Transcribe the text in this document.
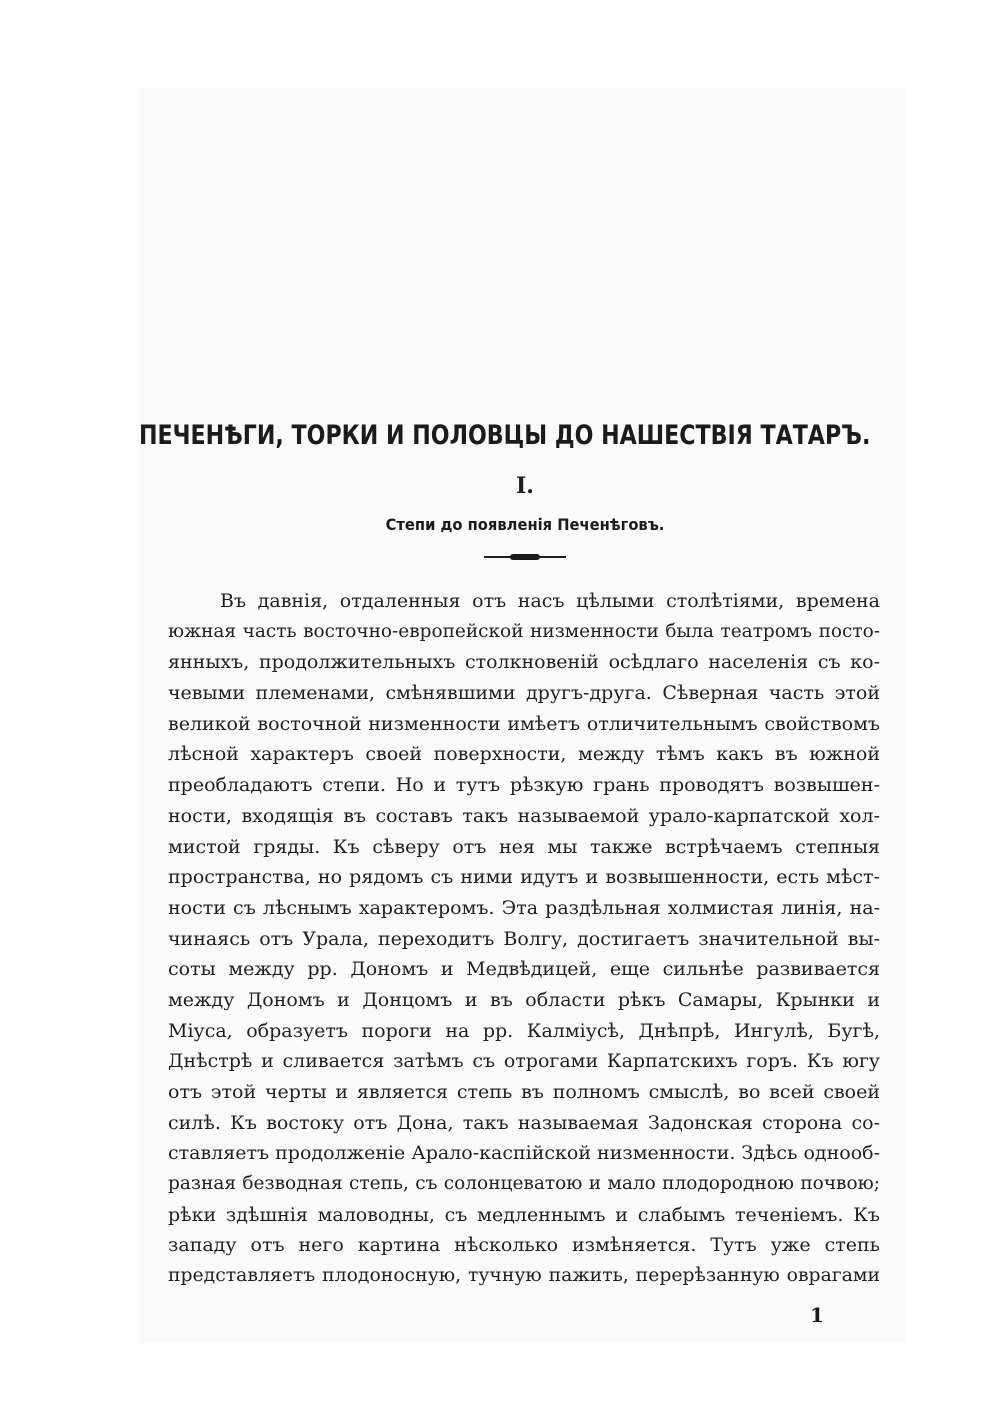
ПЕЧЕНѢГИ, ТОРКИ И ПОЛОВЦЫ ДО НАШЕСТВІЯ ТАТАРЪ.
I.
Степи до появленія Печенѣговъ.
Въ давнія, отдаленныя отъ насъ цѣлыми столѣтіями, времена
южная часть восточно-европейской низменности была театромъ посто-
янныхъ, продолжительныхъ столкновеній осѣдлаго населенія съ ко-
чевыми племенами, смѣнявшими другъ-друга. Сѣверная часть этой
великой восточной низменности имѣетъ отличительнымъ свойствомъ
лѣсной характеръ своей поверхности, между тѣмъ какъ въ южной
преобладаютъ степи. Но и тутъ рѣзкую грань проводятъ возвышен-
ности, входящія въ составъ такъ называемой урало-карпатской хол-
мистой гряды. Къ сѣверу отъ нея мы также встрѣчаемъ степныя
пространства, но рядомъ съ ними идутъ и возвышенности, есть мѣст-
ности съ лѣснымъ характеромъ. Эта раздѣльная холмистая линія, на-
чинаясь отъ Урала, переходитъ Волгу, достигаетъ значительной вы-
соты между рр. Дономъ и Медвѣдицей, еще сильнѣе развивается
между Дономъ и Донцомъ и въ области рѣкъ Самары, Крынки и
Міуса, образуетъ пороги на рр. Калміусѣ, Днѣпрѣ, Ингулѣ, Бугѣ,
Днѣстрѣ и сливается затѣмъ съ отрогами Карпатскихъ горъ. Къ югу
отъ этой черты и является степь въ полномъ смыслѣ, во всей своей
силѣ. Къ востоку отъ Дона, такъ называемая Задонская сторона со-
ставляетъ продолженіе Арало-каспійской низменности. Здѣсь однооб-
разная безводная степь, съ солонцеватою и мало плодородною почвою;
рѣки здѣшнія маловодны, съ медленнымъ и слабымъ теченіемъ. Къ
западу отъ него картина нѣсколько измѣняется. Тутъ уже степь
представляетъ плодоносную, тучную пажить, перерѣзанную оврагами
1
